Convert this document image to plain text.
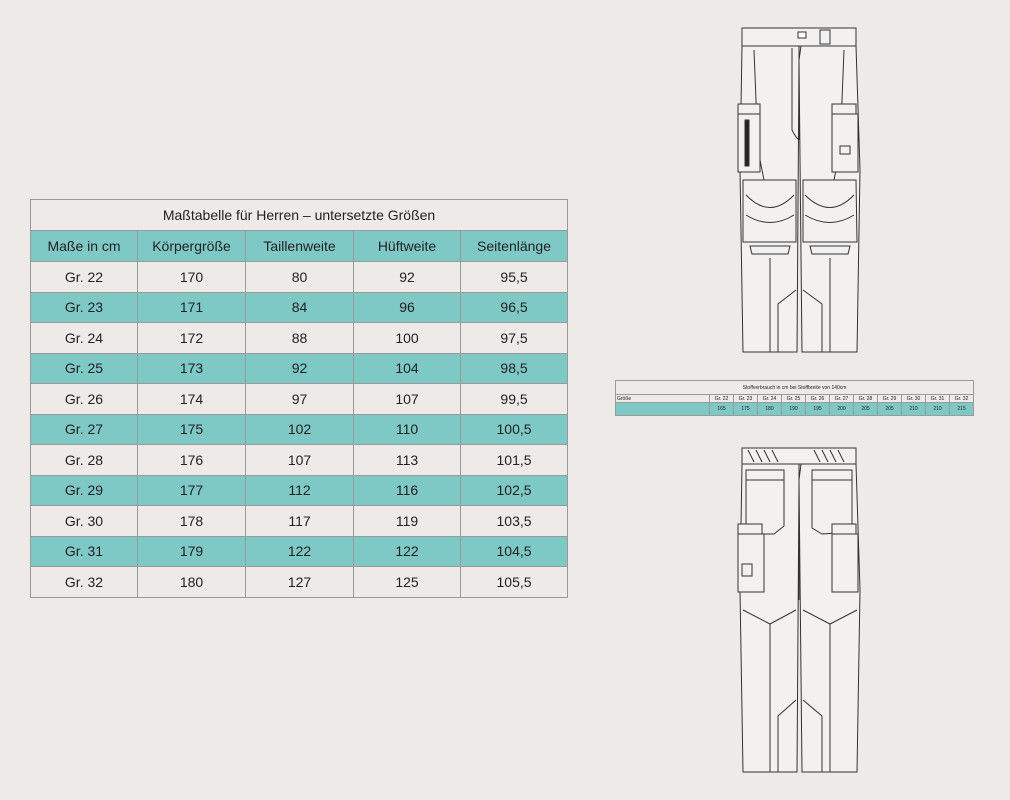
Maßtabelle für Herren – untersetzte Größen				
Maße in cm	Körpergröße	Taillenweite	Hüftweite	Seitenlänge
Gr. 22	170	80	92	95,5
Gr. 23	171	84	96	96,5
Gr. 24	172	88	100	97,5
Gr. 25	173	92	104	98,5
Gr. 26	174	97	107	99,5
Gr. 27	175	102	110	100,5
Gr. 28	176	107	113	101,5
Gr. 29	177	112	116	102,5
Gr. 30	178	117	119	103,5
Gr. 31	179	122	122	104,5
Gr. 32	180	127	125	105,5
Stoffverbrauch in cm bei Stoffbreite von 140cm											
Größe	Gr. 22	Gr. 23	Gr. 24	Gr. 25	Gr. 26	Gr. 27	Gr. 28	Gr. 29	Gr. 30	Gr. 31	Gr. 32
	165	175	180	190	195	200	205	205	210	210	215
